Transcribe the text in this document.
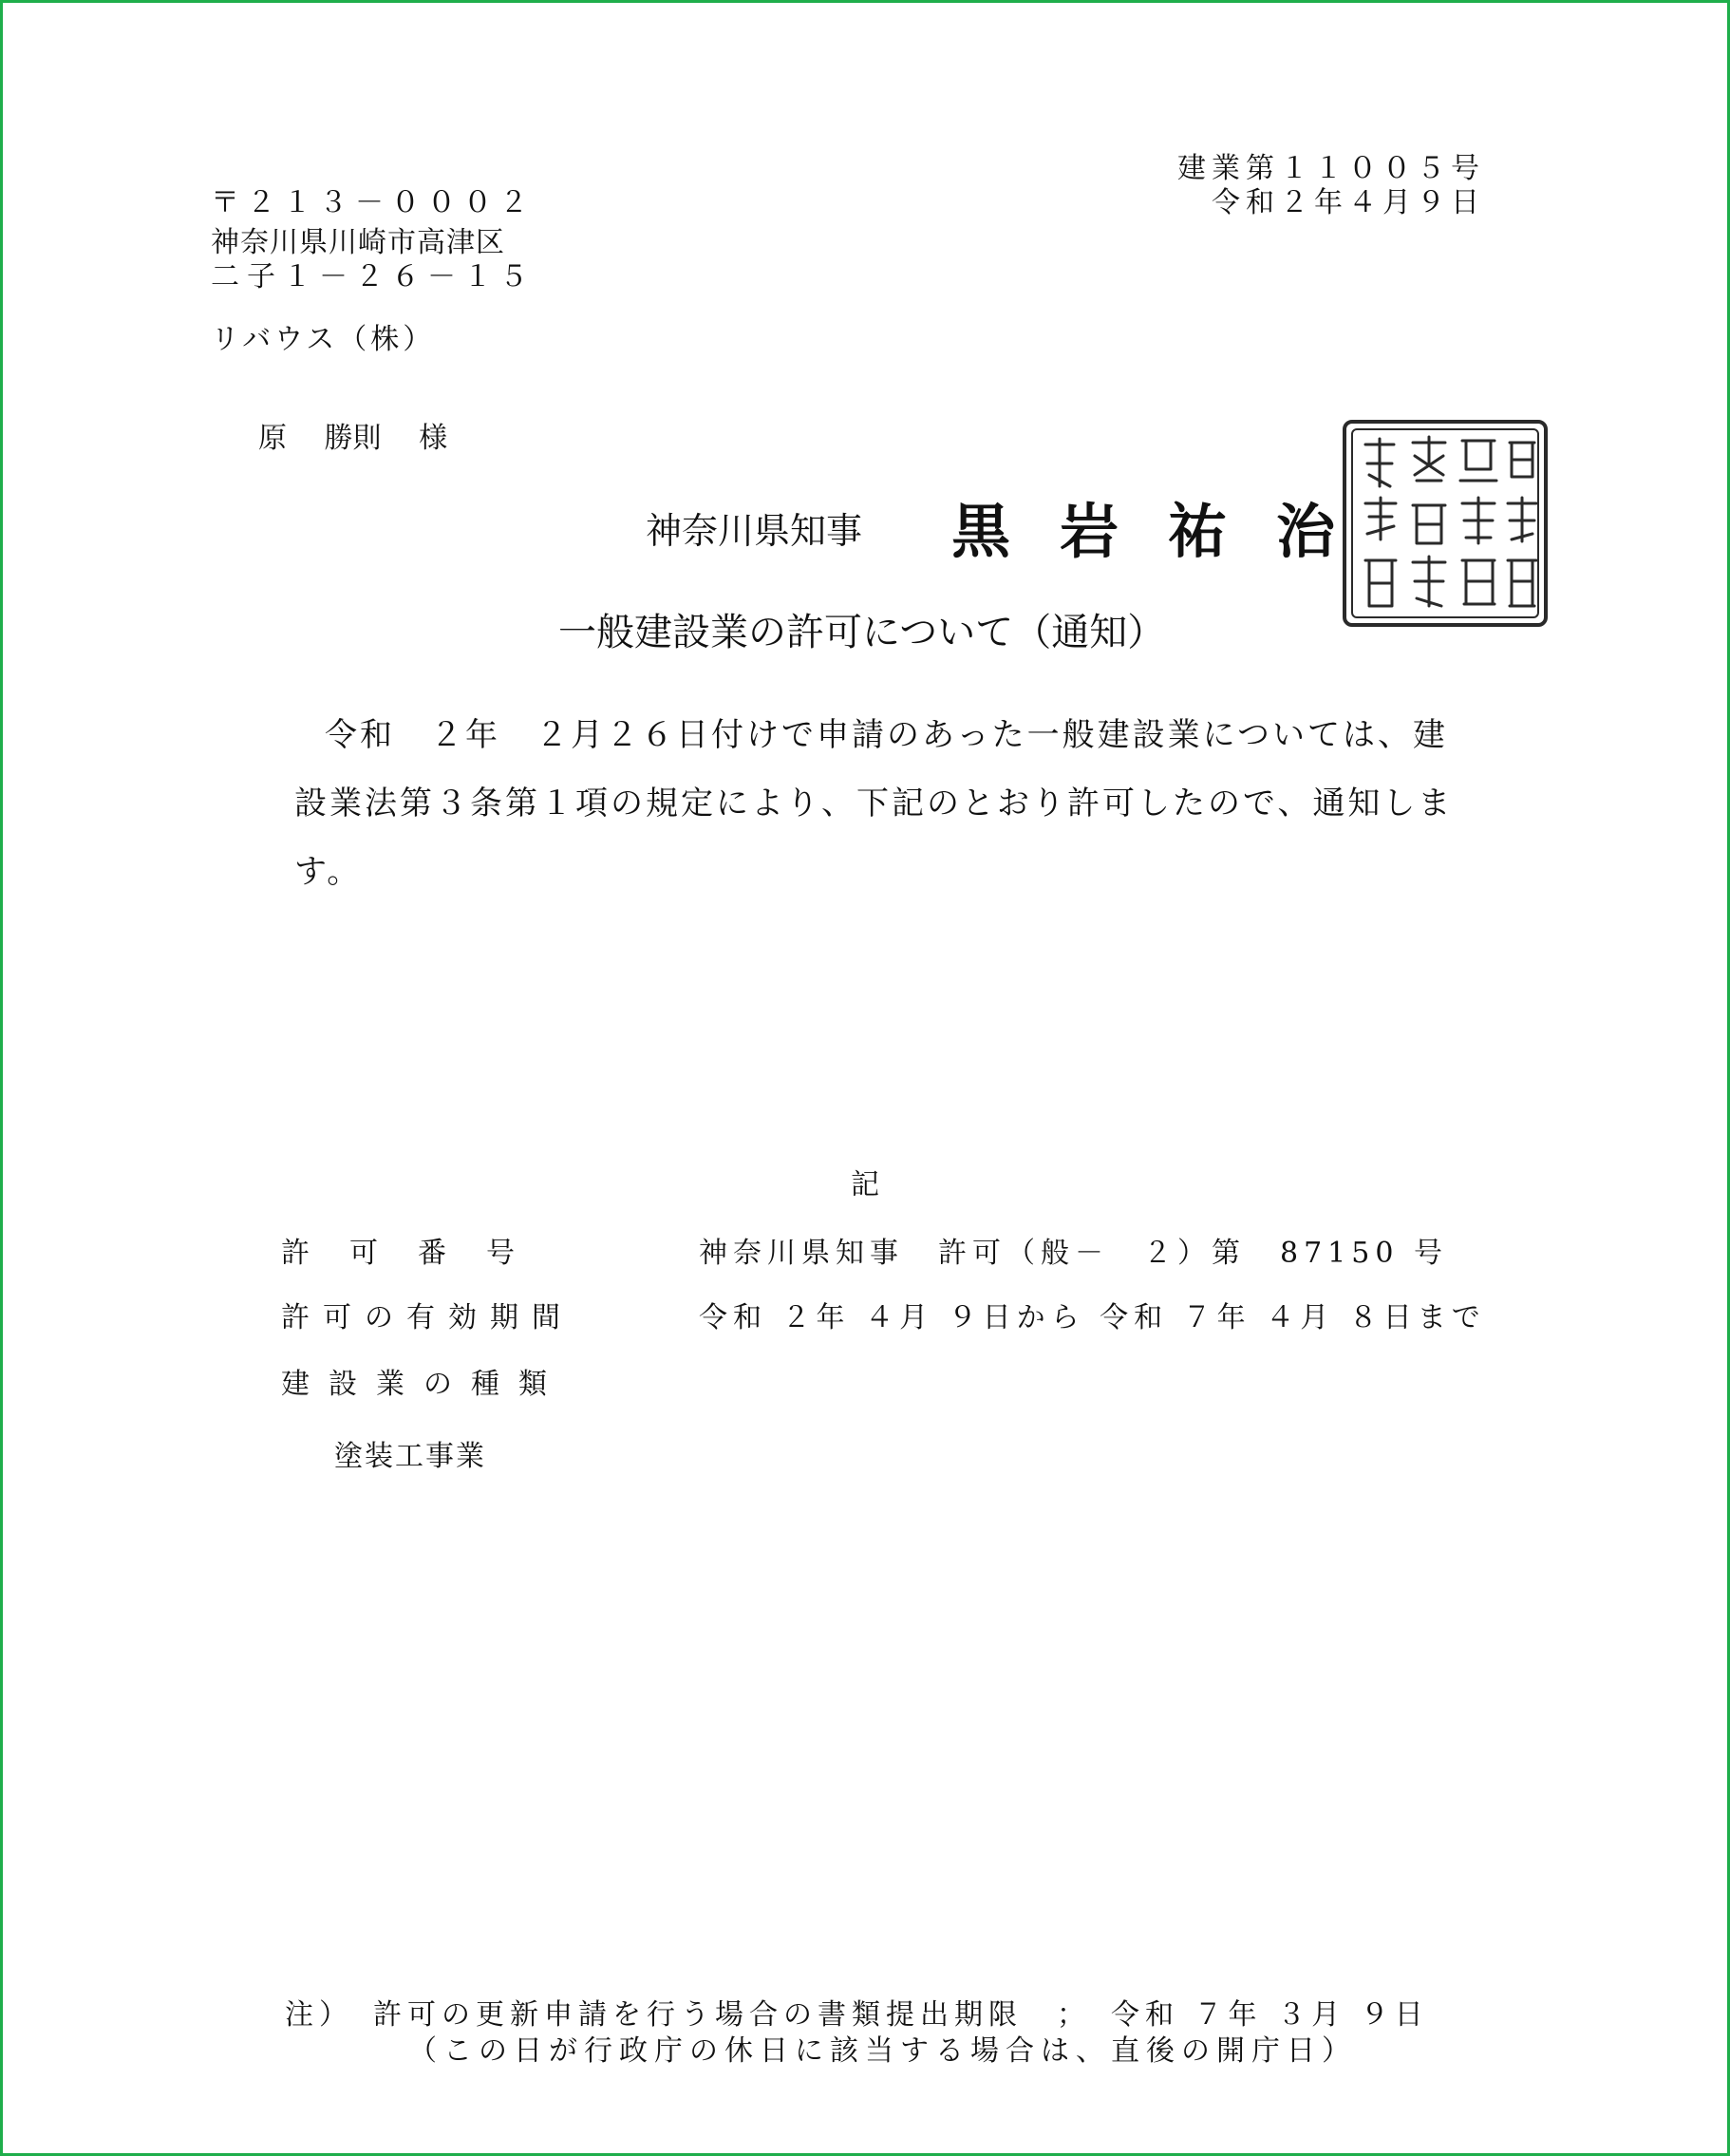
建業第１１００５号
令和２年４月９日
〒２１３－０００２
神奈川県川崎市高津区
二子１－２６－１５
リバウス（株）
原 勝則 様
神奈川県知事 黒岩祐治
一般建設業の許可について（通知）
令和　２年　２月２６日付けで申請のあった一般建設業については、建設業法第３条第１項の規定により、下記のとおり許可したので、通知します。
記
許可番号	神奈川県知事　許可（般－　２）第　87150 号
許可の有効期間	令和 ２年 ４月 ９日から 令和 ７年 ４月 ８日まで
建設業の種類
塗装工事業
注）　許可の更新申請を行う場合の書類提出期限　；　令和 ７年 ３月 ９日
（この日が行政庁の休日に該当する場合は、直後の開庁日）
